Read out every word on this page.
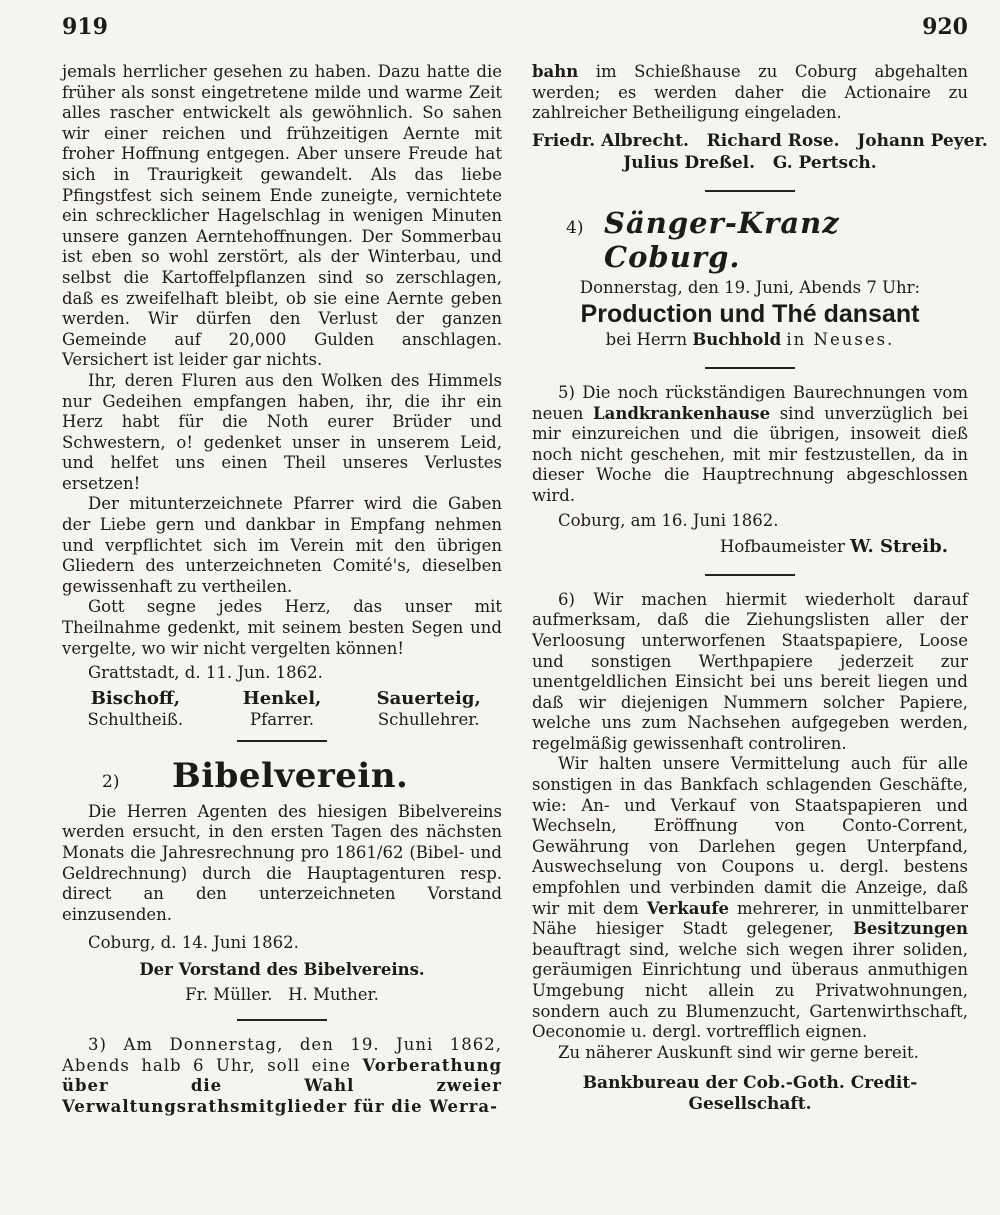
919	920

jemals herrlicher gesehen zu haben. Dazu hatte die früher als sonst eingetretene milde und warme Zeit alles rascher entwickelt als gewöhnlich. So sahen wir einer reichen und frühzeitigen Aernte mit froher Hoffnung entgegen. Aber unsere Freude hat sich in Traurigkeit gewandelt. Als das liebe Pfingstfest sich seinem Ende zuneigte, vernichtete ein schrecklicher Hagelschlag in wenigen Minuten unsere ganzen Aerntehoffnungen. Der Sommerbau ist eben so wohl zerstört, als der Winterbau, und selbst die Kartoffelpflanzen sind so zerschlagen, daß es zweifelhaft bleibt, ob sie eine Aernte geben werden. Wir dürfen den Verlust der ganzen Gemeinde auf 20,000 Gulden anschlagen. Versichert ist leider gar nichts.

Ihr, deren Fluren aus den Wolken des Himmels nur Gedeihen empfangen haben, ihr, die ihr ein Herz habt für die Noth eurer Brüder und Schwestern, o! gedenket unser in unserem Leid, und helfet uns einen Theil unseres Verlustes ersetzen!

Der mitunterzeichnete Pfarrer wird die Gaben der Liebe gern und dankbar in Empfang nehmen und verpflichtet sich im Verein mit den übrigen Gliedern des unterzeichneten Comité's, dieselben gewissenhaft zu vertheilen.

Gott segne jedes Herz, das unser mit Theilnahme gedenkt, mit seinem besten Segen und vergelte, wo wir nicht vergelten können!

Grattstadt, d. 11. Jun. 1862.

Bischoff,	Henkel,	Sauerteig,
Schultheiß.	Pfarrer.	Schullehrer.
2)	Bibelverein.

Die Herren Agenten des hiesigen Bibelvereins werden ersucht, in den ersten Tagen des nächsten Monats die Jahresrechnung pro 1861/62 (Bibel- und Geldrechnung) durch die Hauptagenturen resp. direct an den unterzeichneten Vorstand einzusenden.

Coburg, d. 14. Juni 1862.

Der Vorstand des Bibelvereins.

Fr. Müller.   H. Muther.

3) Am Donnerstag, den 19. Juni 1862, Abends halb 6 Uhr, soll eine Vorberathung über die Wahl zweier Verwaltungsrathsmitglieder für die Werra-

bahn im Schießhause zu Coburg abgehalten werden; es werden daher die Actionaire zu zahlreicher Betheiligung eingeladen.

Friedr. Albrecht.   Richard Rose.   Johann Peyer.

Julius Dreßel.   G. Pertsch.

4) Sänger-Kranz Coburg.

Donnerstag, den 19. Juni, Abends 7 Uhr:

Production und Thé dansant

bei Herrn Buchhold in Neuses.

5) Die noch rückständigen Baurechnungen vom neuen Landkrankenhause sind unverzüglich bei mir einzureichen und die übrigen, insoweit dieß noch nicht geschehen, mit mir festzustellen, da in dieser Woche die Hauptrechnung abgeschlossen wird.

Coburg, am 16. Juni 1862.

Hofbaumeister W. Streib.

6) Wir machen hiermit wiederholt darauf aufmerksam, daß die Ziehungslisten aller der Verloosung unterworfenen Staatspapiere, Loose und sonstigen Werthpapiere jederzeit zur unentgeldlichen Einsicht bei uns bereit liegen und daß wir diejenigen Nummern solcher Papiere, welche uns zum Nachsehen aufgegeben werden, regelmäßig gewissenhaft controliren.

Wir halten unsere Vermittelung auch für alle sonstigen in das Bankfach schlagenden Geschäfte, wie: An- und Verkauf von Staatspapieren und Wechseln, Eröffnung von Conto-Corrent, Gewährung von Darlehen gegen Unterpfand, Auswechselung von Coupons u. dergl. bestens empfohlen und verbinden damit die Anzeige, daß wir mit dem Verkaufe mehrerer, in unmittelbarer Nähe hiesiger Stadt gelegener, Besitzungen beauftragt sind, welche sich wegen ihrer soliden, geräumigen Einrichtung und überaus anmuthigen Umgebung nicht allein zu Privatwohnungen, sondern auch zu Blumenzucht, Gartenwirthschaft, Oeconomie u. dergl. vortrefflich eignen.

Zu näherer Auskunft sind wir gerne bereit.

Bankbureau der Cob.-Goth. Credit-Gesellschaft.
